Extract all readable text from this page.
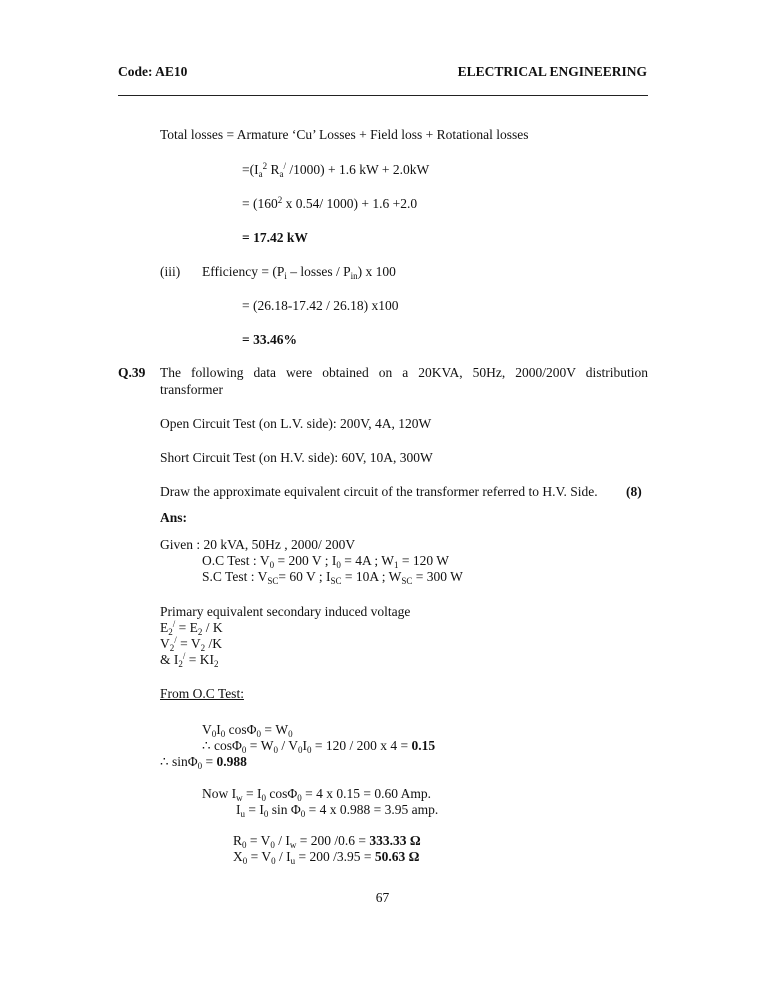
Code: AE10	ELECTRICAL ENGINEERING
Total losses = Armature ‘Cu’ Losses + Field loss + Rotational losses
$=(I_a^2$ $R_a^/$ /1000) + 1.6 kW + 2.0kW
= ($160^2$ x 0.54/ 1000) + 1.6 +2.0
= 17.42 kW
(iii) Efficiency = ($P_i$ – losses / $P_{in}$) x 100
= (26.18-17.42 / 26.18) x100
= 33.46%
Q.39 The following data were obtained on a 20KVA, 50Hz, 2000/200V distribution
transformer
Open Circuit Test (on L.V. side): 200V, 4A, 120W
Short Circuit Test (on H.V. side): 60V, 10A, 300W
Draw the approximate equivalent circuit of the transformer referred to H.V. Side. (8)
Ans:
Given : 20 kVA, 50Hz , 2000/ 200V
O.C Test : $V_0 = 200$ V ; $I_0 = 4A$ ; $W_1 = 120$ W
S.C Test : $V_{SC}= 60$ V ; $I_{SC} = 10A$ ; $W_{SC} = 300$ W
Primary equivalent secondary induced voltage
$E_2^/ = E_2 / K$
$V_2^/ = V_2$ /K
& $I_2^/ = KI_2$
From O.C Test:
$V_0I_0$ $\cos\Phi_0 = W_0$
∴ $\cos\Phi_0 = W_0 / V_0I_0 = 120 / 200$ x 4 = 0.15
∴ sinΦ$_0$ = 0.988
Now $I_w = I_0$ cosΦ$_0$ = 4 x 0.15 = 0.60 Amp.
$I_u = I_0$ $\sin \Phi_0 = 4$ x 0.988 = 3.95 amp.
$R_0 = V_0 / I_w = 200$ /0.6 = 333.33 Ω
$X_0 = V_0 / I_u = 200$ /3.95 = 50.63 Ω
67
